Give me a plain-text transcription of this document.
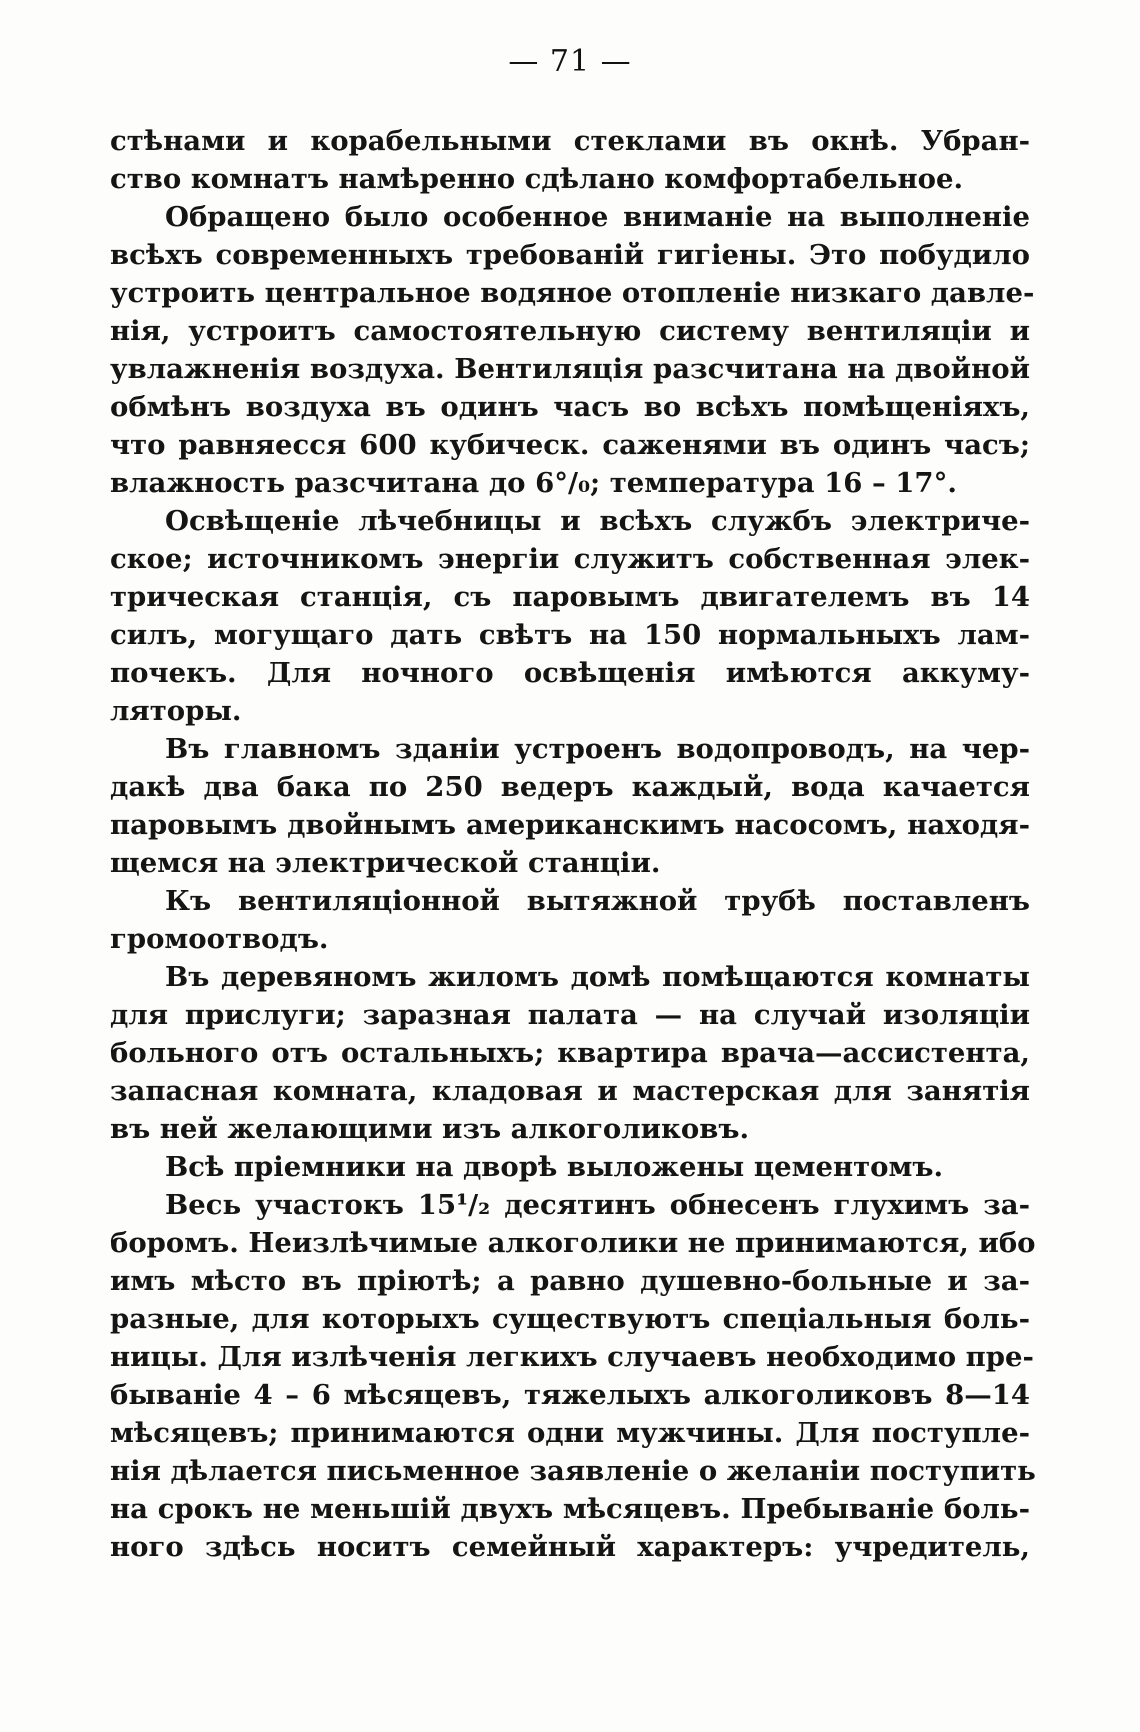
— 71 —
стѣнами и корабельными стеклами въ окнѣ. Убран-
ство комнатъ намѣренно сдѣлано комфортабельное.
Обращено было особенное вниманіе на выполненіе
всѣхъ современныхъ требованій гигіены. Это побудило
устроить центральное водяное отопленіе низкаго давле-
нія, устроитъ самостоятельную систему вентиляціи и
увлажненія воздуха. Вентиляція разсчитана на двойной
обмѣнъ воздуха въ одинъ часъ во всѣхъ помѣщеніяхъ,
что равняесся 600 кубическ. саженями въ одинъ часъ;
влажность разсчитана до 6°/₀; температура 16 – 17°.
Освѣщеніе лѣчебницы и всѣхъ службъ электриче-
ское; источникомъ энергіи служитъ собственная элек-
трическая станція, съ паровымъ двигателемъ въ 14
силъ, могущаго дать свѣтъ на 150 нормальныхъ лам-
почекъ. Для ночного освѣщенія имѣются аккуму-
ляторы.
Въ главномъ зданіи устроенъ водопроводъ, на чер-
дакѣ два бака по 250 ведеръ каждый, вода качается
паровымъ двойнымъ американскимъ насосомъ, находя-
щемся на электрической станціи.
Къ вентиляціонной вытяжной трубѣ поставленъ
громоотводъ.
Въ деревяномъ жиломъ домѣ помѣщаются комнаты
для прислуги; заразная палата — на случай изоляціи
больного отъ остальныхъ; квартира врача—ассистента,
запасная комната, кладовая и мастерская для занятія
въ ней желающими изъ алкоголиковъ.
Всѣ пріемники на дворѣ выложены цементомъ.
Весь участокъ 15¹/₂ десятинъ обнесенъ глухимъ за-
боромъ. Неизлѣчимые алкоголики не принимаются, ибо
имъ мѣсто въ пріютѣ; а равно душевно-больные и за-
разные, для которыхъ существуютъ спеціальныя боль-
ницы. Для излѣченія легкихъ случаевъ необходимо пре-
бываніе 4 – 6 мѣсяцевъ, тяжелыхъ алкоголиковъ 8—14
мѣсяцевъ; принимаются одни мужчины. Для поступле-
нія дѣлается письменное заявленіе о желаніи поступить
на срокъ не меньшій двухъ мѣсяцевъ. Пребываніе боль-
ного здѣсь носитъ семейный характеръ: учредитель,
